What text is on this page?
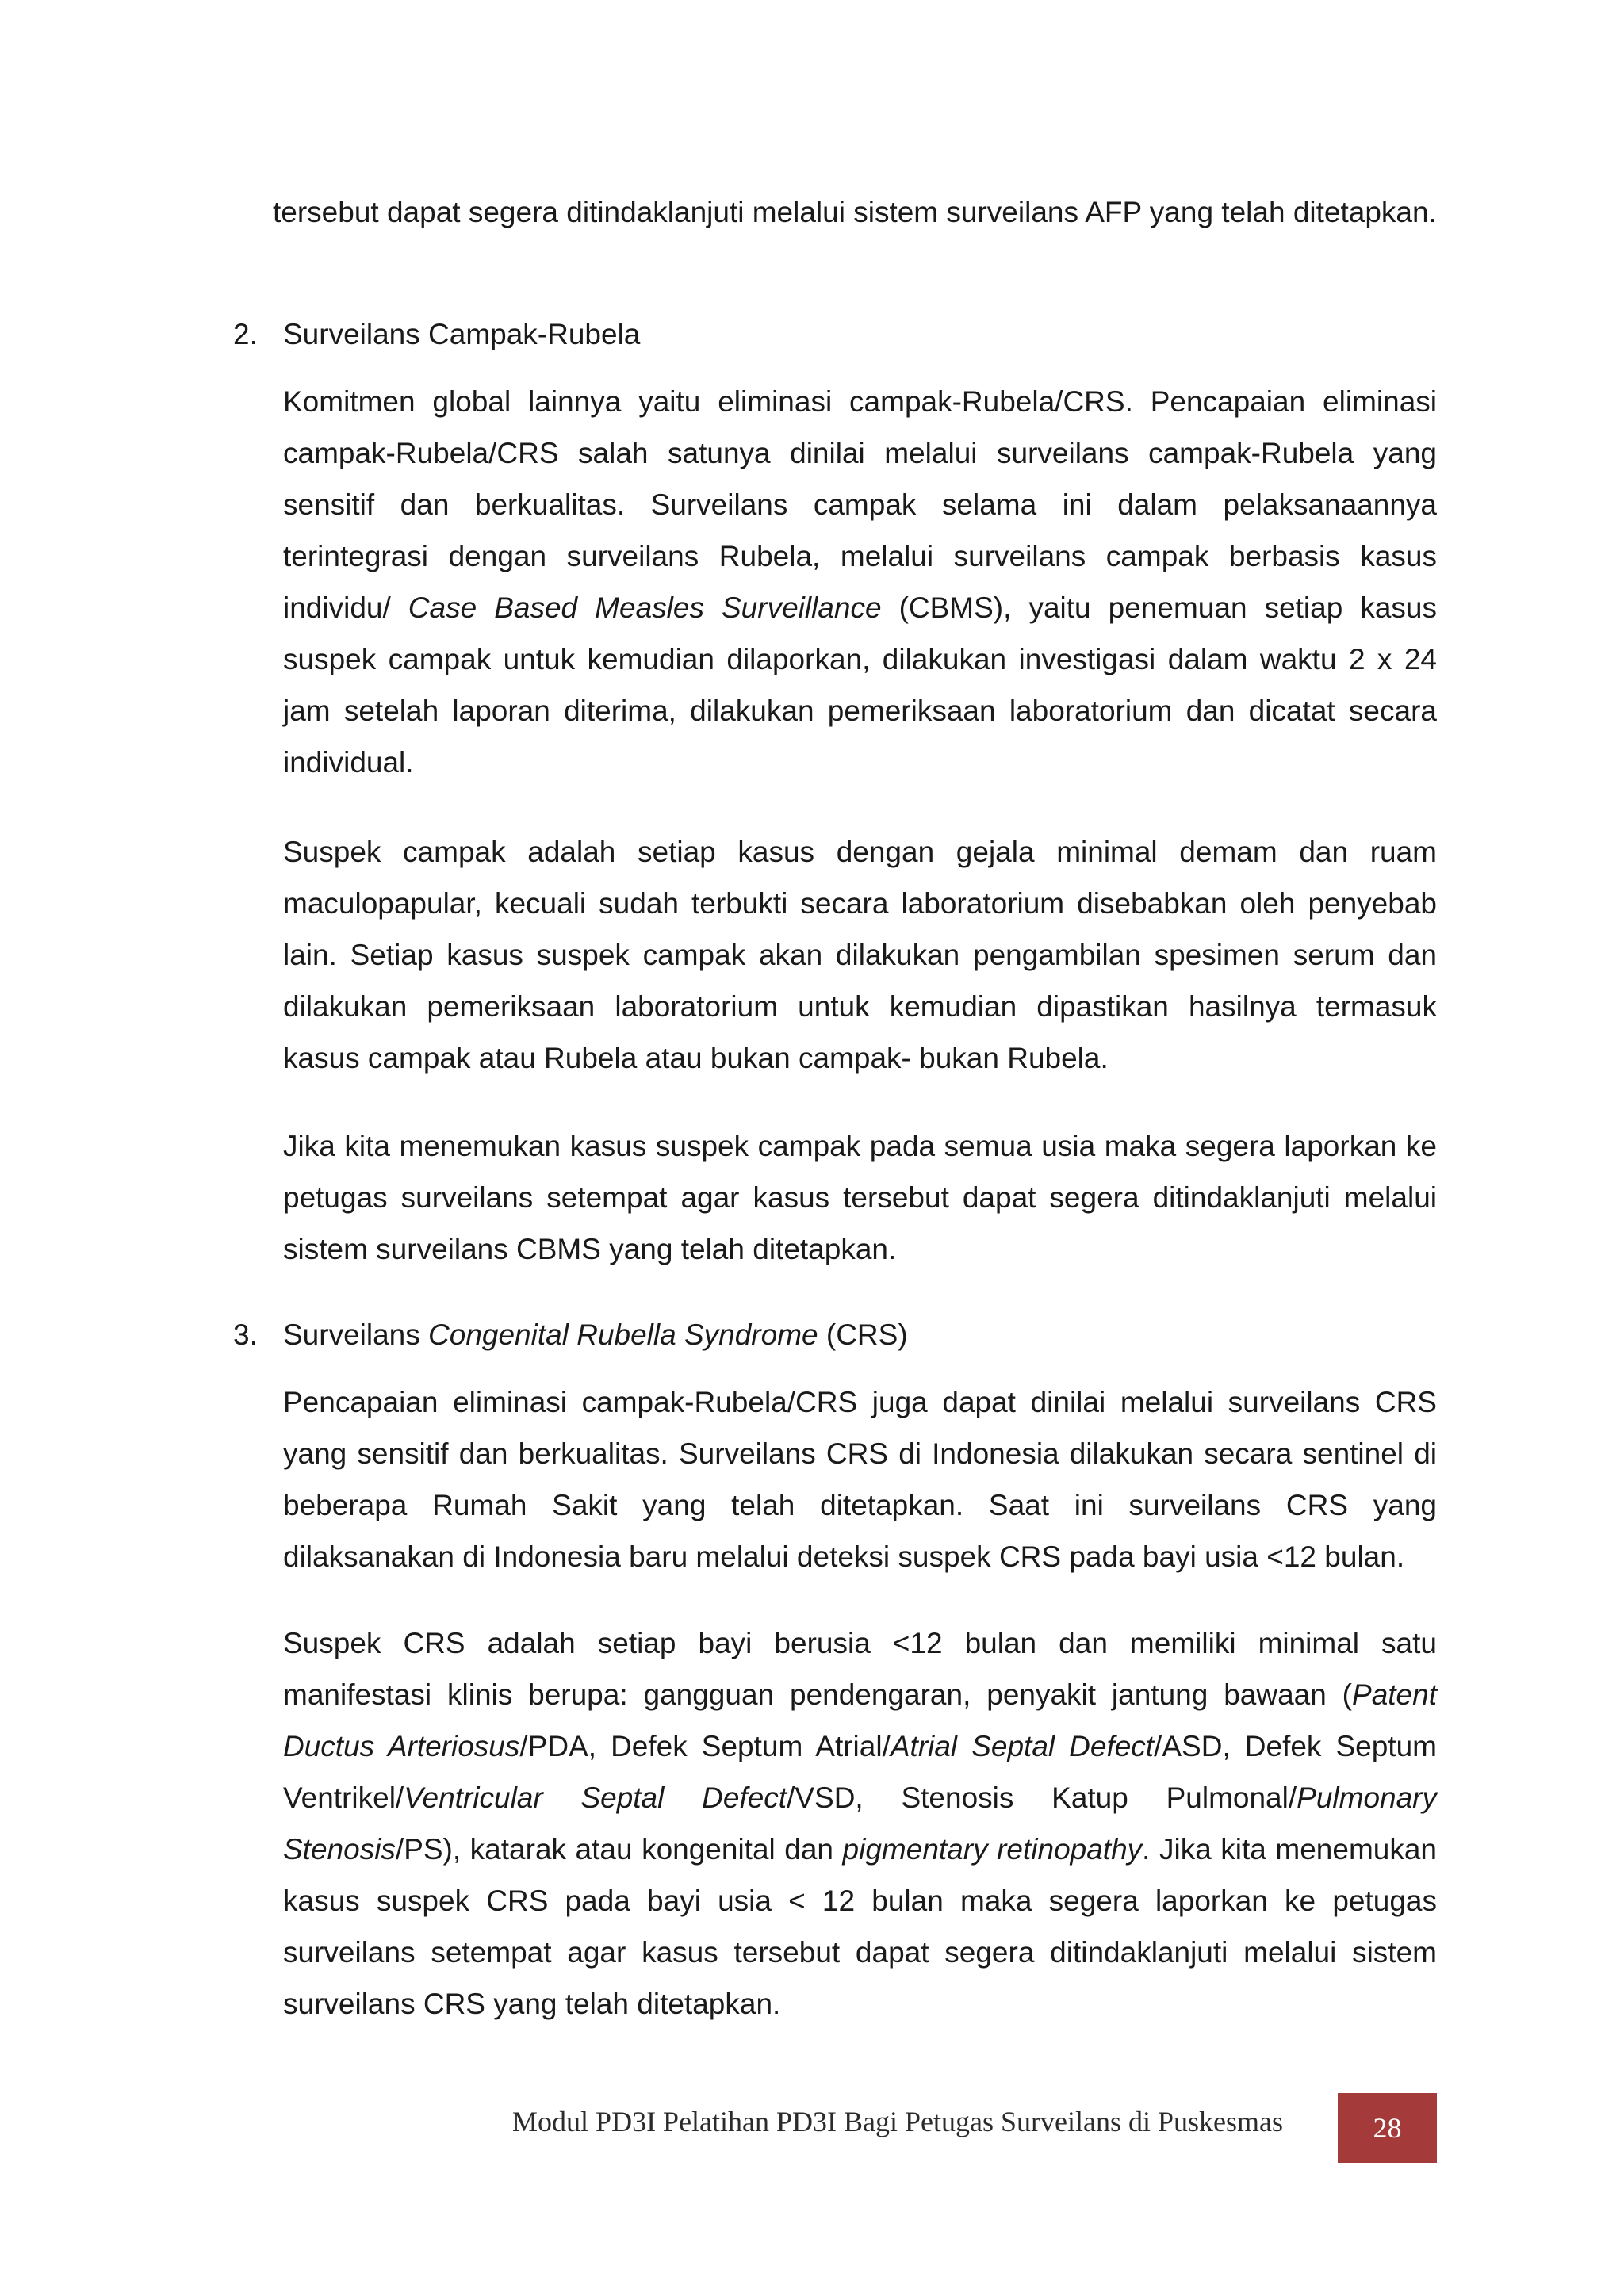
tersebut dapat segera ditindaklanjuti melalui sistem surveilans AFP yang telah ditetapkan.

2. Surveilans Campak-Rubela

Komitmen global lainnya yaitu eliminasi campak-Rubela/CRS. Pencapaian eliminasi campak-Rubela/CRS salah satunya dinilai melalui surveilans campak-Rubela yang sensitif dan berkualitas. Surveilans campak selama ini dalam pelaksanaannya terintegrasi dengan surveilans Rubela, melalui surveilans campak berbasis kasus individu/ Case Based Measles Surveillance (CBMS), yaitu penemuan setiap kasus suspek campak untuk kemudian dilaporkan, dilakukan investigasi dalam waktu 2 x 24 jam setelah laporan diterima, dilakukan pemeriksaan laboratorium dan dicatat secara individual.

Suspek campak adalah setiap kasus dengan gejala minimal demam dan ruam maculopapular, kecuali sudah terbukti secara laboratorium disebabkan oleh penyebab lain. Setiap kasus suspek campak akan dilakukan pengambilan spesimen serum dan dilakukan pemeriksaan laboratorium untuk kemudian dipastikan hasilnya termasuk kasus campak atau Rubela atau bukan campak- bukan Rubela.

Jika kita menemukan kasus suspek campak pada semua usia maka segera laporkan ke petugas surveilans setempat agar kasus tersebut dapat segera ditindaklanjuti melalui sistem surveilans CBMS yang telah ditetapkan.

3. Surveilans Congenital Rubella Syndrome (CRS)

Pencapaian eliminasi campak-Rubela/CRS juga dapat dinilai melalui surveilans CRS yang sensitif dan berkualitas. Surveilans CRS di Indonesia dilakukan secara sentinel di beberapa Rumah Sakit yang telah ditetapkan. Saat ini surveilans CRS yang dilaksanakan di Indonesia baru melalui deteksi suspek CRS pada bayi usia <12 bulan.

Suspek CRS adalah setiap bayi berusia <12 bulan dan memiliki minimal satu manifestasi klinis berupa: gangguan pendengaran, penyakit jantung bawaan (Patent Ductus Arteriosus/PDA, Defek Septum Atrial/Atrial Septal Defect/ASD, Defek Septum Ventrikel/Ventricular Septal Defect/VSD, Stenosis Katup Pulmonal/Pulmonary Stenosis/PS), katarak atau kongenital dan pigmentary retinopathy. Jika kita menemukan kasus suspek CRS pada bayi usia < 12 bulan maka segera laporkan ke petugas surveilans setempat agar kasus tersebut dapat segera ditindaklanjuti melalui sistem surveilans CRS yang telah ditetapkan.

Modul PD3I Pelatihan PD3I Bagi Petugas Surveilans di Puskesmas	28
